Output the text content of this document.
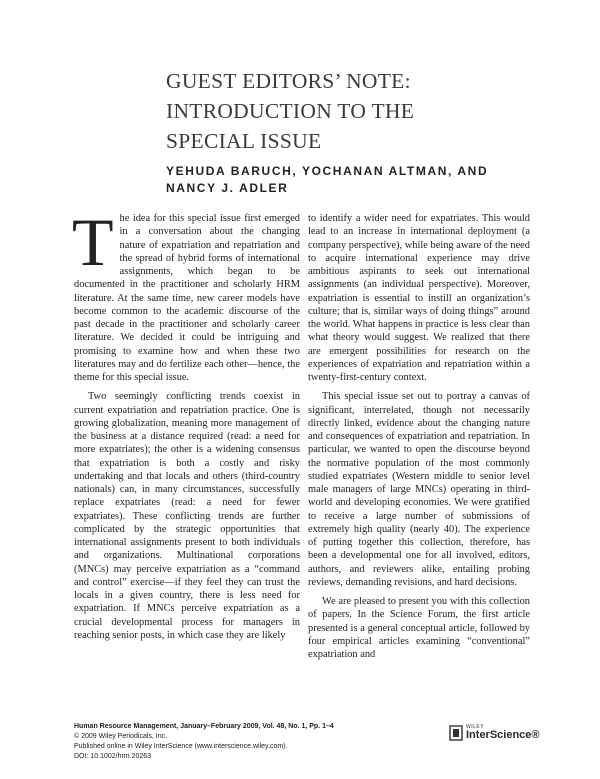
GUEST EDITORS’ NOTE:
INTRODUCTION TO THE
SPECIAL ISSUE
YEHUDA BARUCH, YOCHANAN ALTMAN, AND
NANCY J. ADLER

The idea for this special issue first emerged in a conversation about the changing nature of expatriation and repatriation and the spread of hybrid forms of international assignments, which began to be documented in the practitioner and scholarly HRM literature. At the same time, new career models have become common to the academic discourse of the past decade in the practitioner and scholarly career literature. We decided it could be intriguing and promising to examine how and when these two literatures may and do fertilize each other—hence, the theme for this special issue.

Two seemingly conflicting trends coexist in current expatriation and repatriation practice. One is growing globalization, meaning more management of the business at a distance required (read: a need for more expatriates); the other is a widening consensus that expatriation is both a costly and risky undertaking and that locals and others (third-country nationals) can, in many circumstances, successfully replace expatriates (read: a need for fewer expatriates). These conflicting trends are further complicated by the strategic opportunities that international assignments present to both individuals and organizations. Multinational corporations (MNCs) may perceive expatriation as a “command and control” exercise—if they feel they can trust the locals in a given country, there is less need for expatriation. If MNCs perceive expatriation as a crucial developmental process for managers in reaching senior posts, in which case they are likely

to identify a wider need for expatriates. This would lead to an increase in international deployment (a company perspective), while being aware of the need to acquire international experience may drive ambitious aspirants to seek out international assignments (an individual perspective). Moreover, expatriation is essential to instill an organization’s culture; that is, similar ways of doing things” around the world. What happens in practice is less clear than what theory would suggest. We realized that there are emergent possibilities for research on the experiences of expatriation and repatriation within a twenty-first-century context.

This special issue set out to portray a canvas of significant, interrelated, though not necessarily directly linked, evidence about the changing nature and consequences of expatriation and repatriation. In particular, we wanted to open the discourse beyond the normative population of the most commonly studied expatriates (Western middle to senior level male managers of large MNCs) operating in third-world and developing economies. We were gratified to receive a large number of submissions of extremely high quality (nearly 40). The experience of putting together this collection, therefore, has been a developmental one for all involved, editors, authors, and reviewers alike, entailing probing reviews, demanding revisions, and hard decisions.

We are pleased to present you with this collection of papers. In the Science Forum, the first article presented is a general conceptual article, followed by four empirical articles examining “conventional” expatriation and

Human Resource Management, January–February 2009, Vol. 48, No. 1, Pp. 1–4
© 2009 Wiley Periodicals, Inc.
Published online in Wiley InterScience (www.interscience.wiley.com).
DOI: 10.1002/hrm.20263
WILEY
InterScience®
